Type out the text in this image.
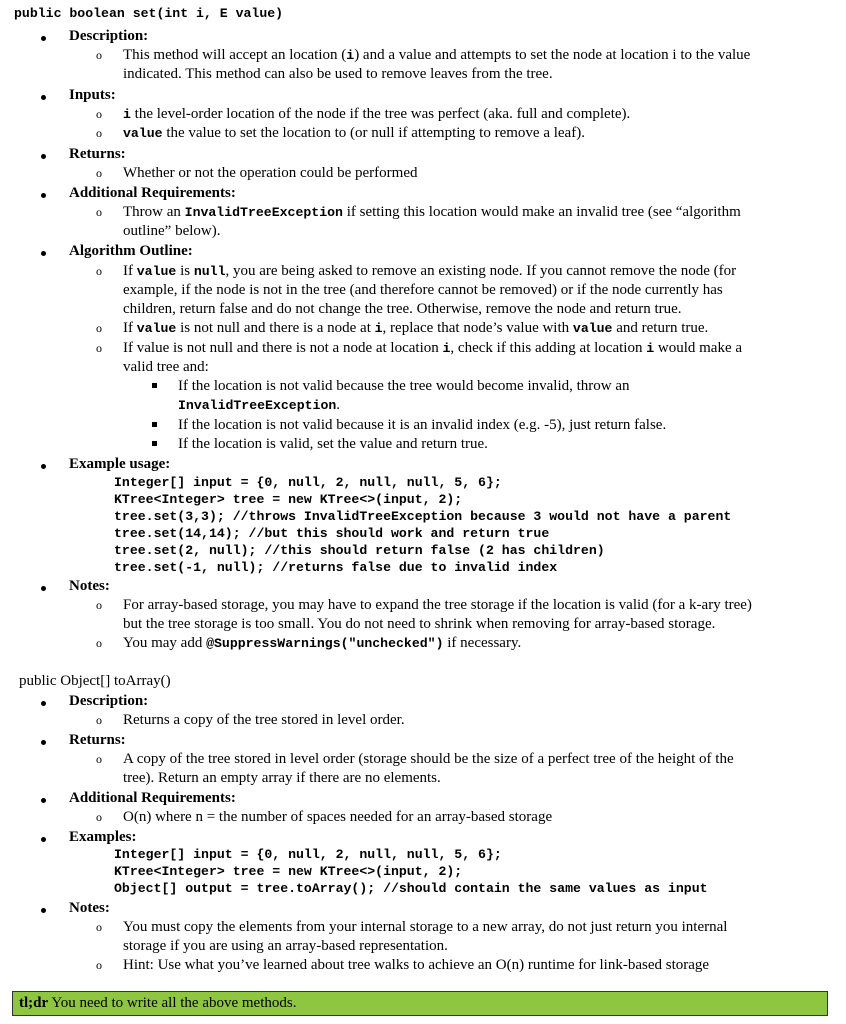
public boolean set(int i, E value)
Description:
o This method will accept an location (i) and a value and attempts to set the node at location i to the value
indicated. This method can also be used to remove leaves from the tree.
Inputs:
o i the level-order location of the node if the tree was perfect (aka. full and complete).
o value the value to set the location to (or null if attempting to remove a leaf).
Returns:
o Whether or not the operation could be performed
Additional Requirements:
o Throw an InvalidTreeException if setting this location would make an invalid tree (see “algorithm
outline” below).
Algorithm Outline:
o If value is null, you are being asked to remove an existing node. If you cannot remove the node (for
example, if the node is not in the tree (and therefore cannot be removed) or if the node currently has
children, return false and do not change the tree. Otherwise, remove the node and return true.
o If value is not null and there is a node at i, replace that node’s value with value and return true.
o If value is not null and there is not a node at location i, check if this adding at location i would make a
valid tree and:
If the location is not valid because the tree would become invalid, throw an
InvalidTreeException.
If the location is not valid because it is an invalid index (e.g. -5), just return false.
If the location is valid, set the value and return true.
Example usage:
Integer[] input = {0, null, 2, null, null, 5, 6};
KTree<Integer> tree = new KTree<>(input, 2);
tree.set(3,3); //throws InvalidTreeException because 3 would not have a parent
tree.set(14,14); //but this should work and return true
tree.set(2, null); //this should return false (2 has children)
tree.set(-1, null); //returns false due to invalid index
Notes:
o For array-based storage, you may have to expand the tree storage if the location is valid (for a k-ary tree)
but the tree storage is too small. You do not need to shrink when removing for array-based storage.
o You may add @SuppressWarnings("unchecked") if necessary.
public Object[] toArray()
Description:
o Returns a copy of the tree stored in level order.
Returns:
o A copy of the tree stored in level order (storage should be the size of a perfect tree of the height of the
tree). Return an empty array if there are no elements.
Additional Requirements:
o O(n) where n = the number of spaces needed for an array-based storage
Examples:
Integer[] input = {0, null, 2, null, null, 5, 6};
KTree<Integer> tree = new KTree<>(input, 2);
Object[] output = tree.toArray(); //should contain the same values as input
Notes:
o You must copy the elements from your internal storage to a new array, do not just return you internal
storage if you are using an array-based representation.
o Hint: Use what you’ve learned about tree walks to achieve an O(n) runtime for link-based storage
tl;dr You need to write all the above methods.
